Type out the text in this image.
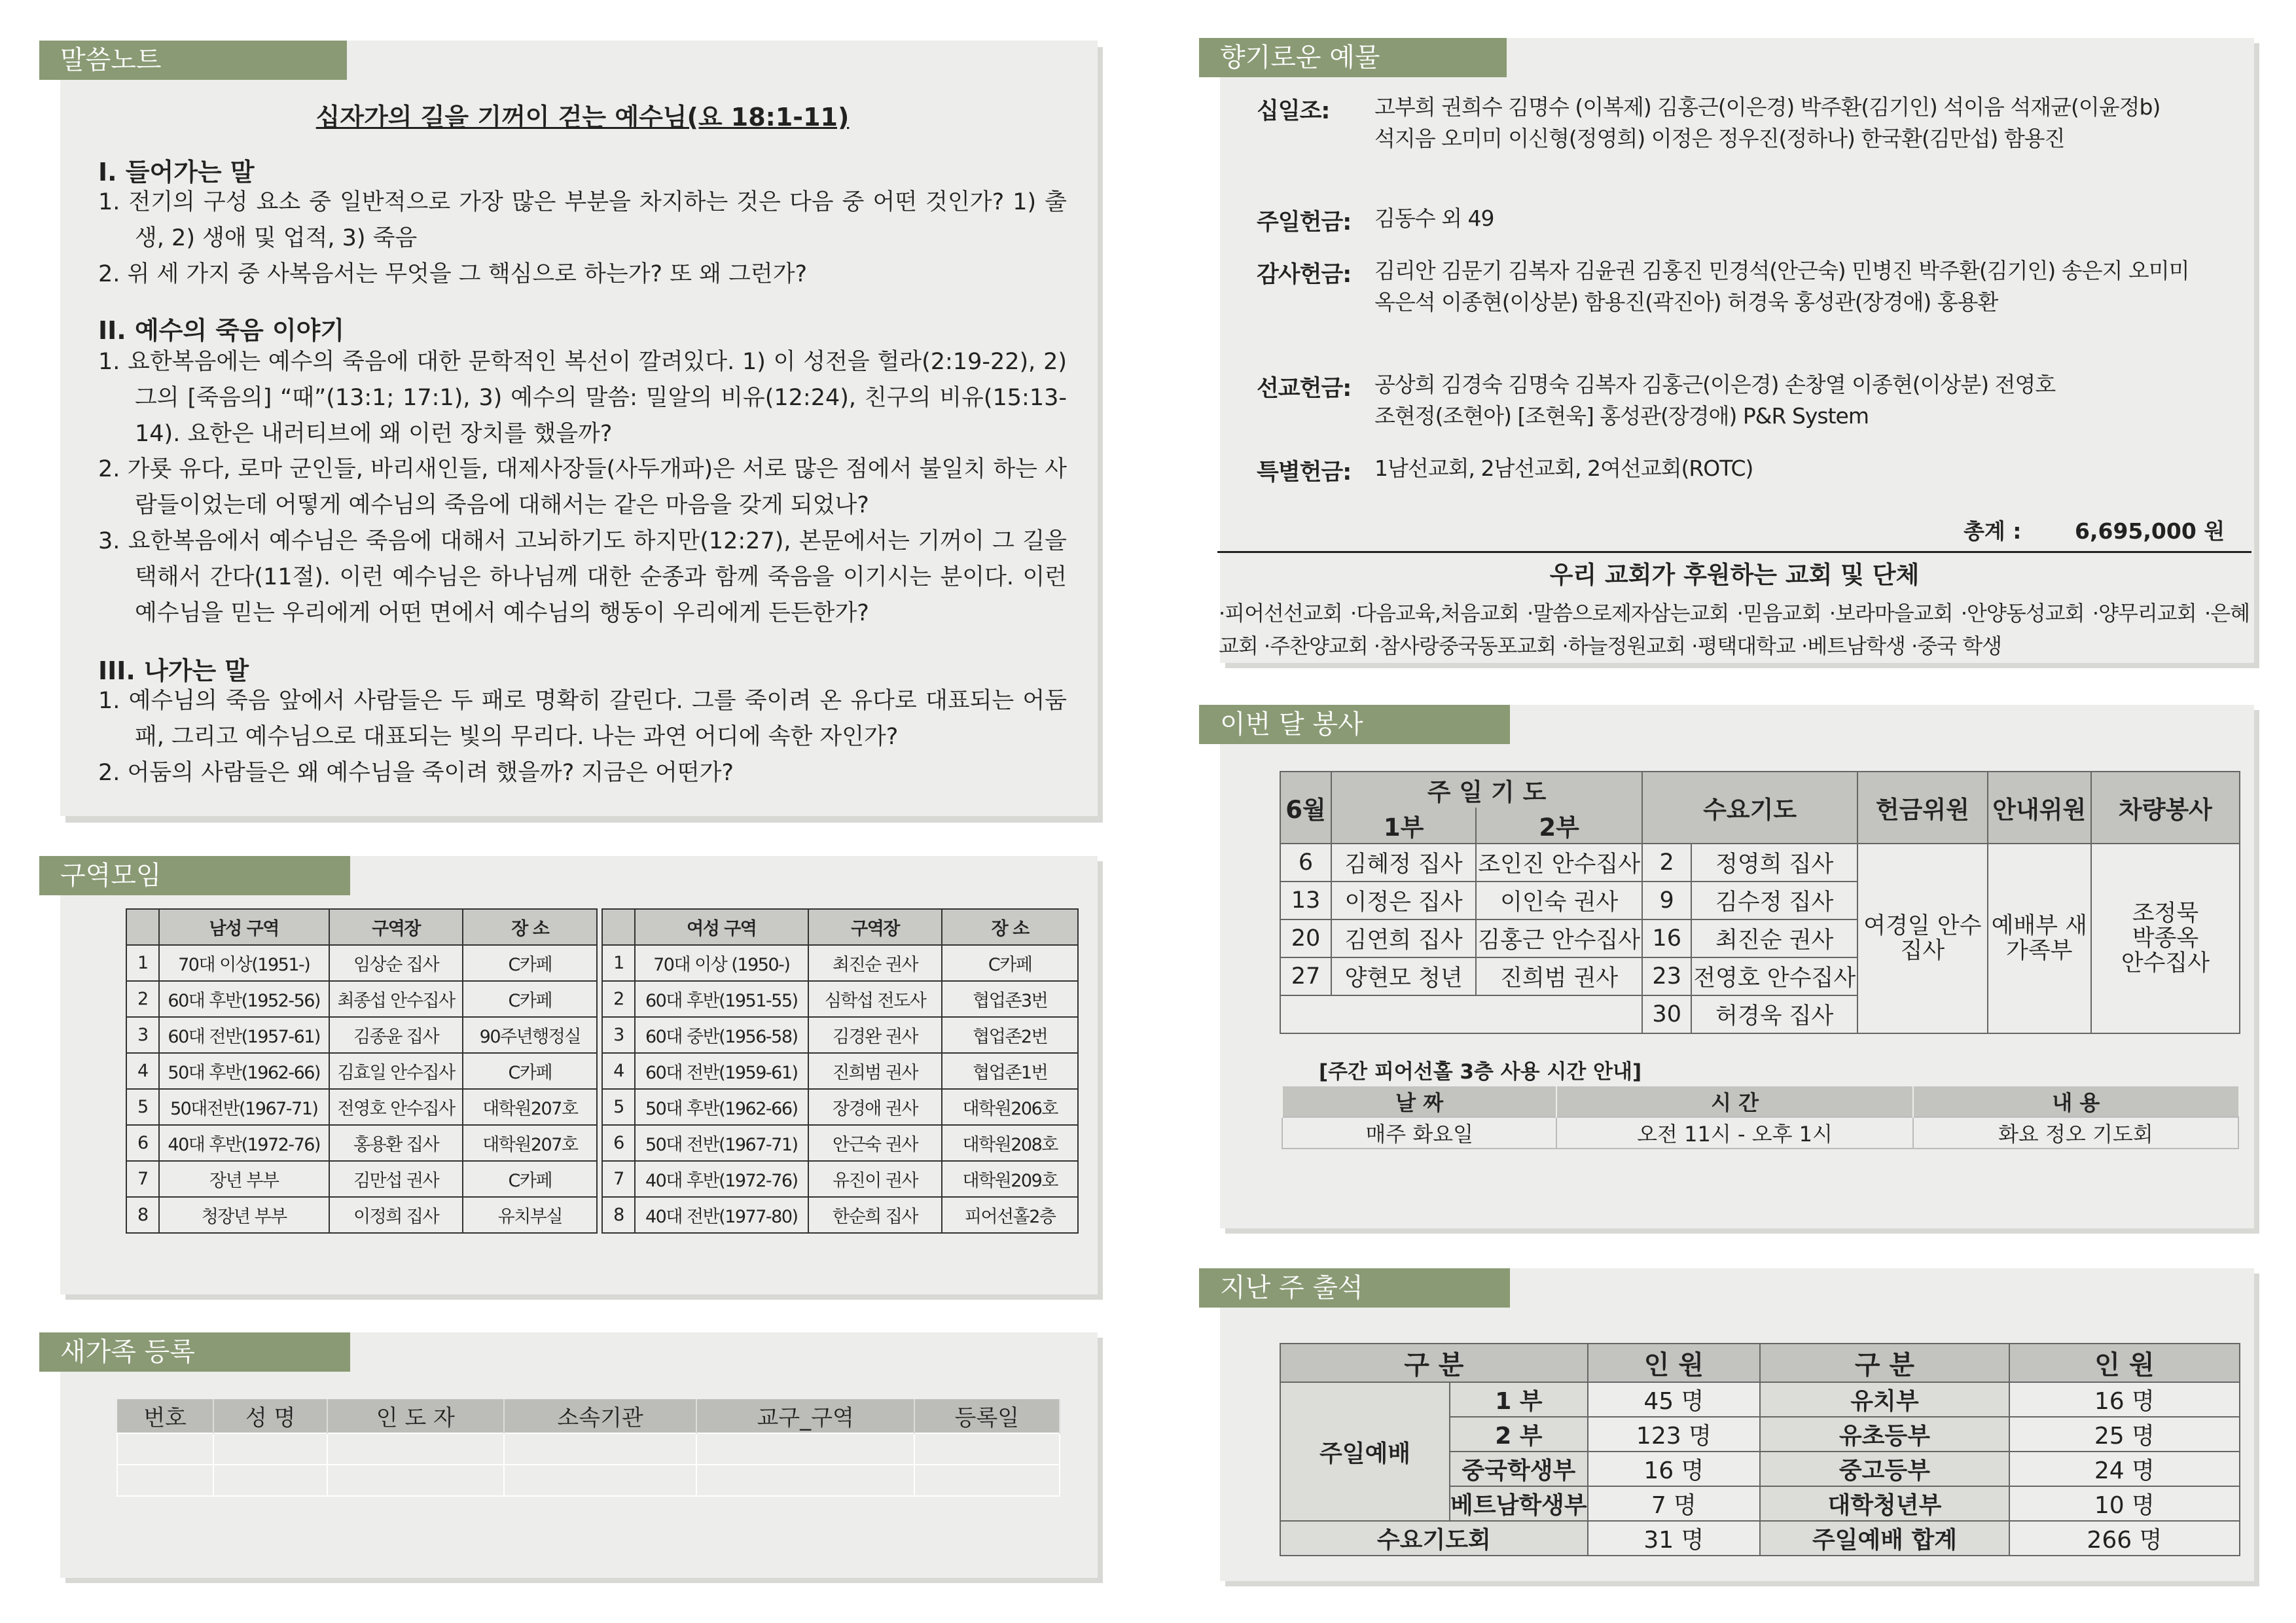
말씀노트
십자가의 길을 기꺼이 걷는 예수님(요 18:1-11)
I. 들어가는 말
1. 전기의 구성 요소 중 일반적으로 가장 많은 부분을 차지하는 것은 다음 중 어떤 것인가? 1) 출생, 2) 생애 및 업적, 3) 죽음
2. 위 세 가지 중 사복음서는 무엇을 그 핵심으로 하는가? 또 왜 그런가?
II. 예수의 죽음 이야기
1. 요한복음에는 예수의 죽음에 대한 문학적인 복선이 깔려있다. 1) 이 성전을 헐라(2:19-22), 2) 그의 [죽음의] “때”(13:1; 17:1), 3) 예수의 말씀: 밀알의 비유(12:24), 친구의 비유(15:13-14). 요한은 내러티브에 왜 이런 장치를 했을까?
2. 가룟 유다, 로마 군인들, 바리새인들, 대제사장들(사두개파)은 서로 많은 점에서 불일치 하는 사람들이었는데 어떻게 예수님의 죽음에 대해서는 같은 마음을 갖게 되었나?
3. 요한복음에서 예수님은 죽음에 대해서 고뇌하기도 하지만(12:27), 본문에서는 기꺼이 그 길을 택해서 간다(11절). 이런 예수님은 하나님께 대한 순종과 함께 죽음을 이기시는 분이다. 이런 예수님을 믿는 우리에게 어떤 면에서 예수님의 행동이 우리에게 든든한가?
III. 나가는 말
1. 예수님의 죽음 앞에서 사람들은 두 패로 명확히 갈린다. 그를 죽이려 온 유다로 대표되는 어둠 패, 그리고 예수님으로 대표되는 빛의 무리다. 나는 과연 어디에 속한 자인가?
2. 어둠의 사람들은 왜 예수님을 죽이려 했을까? 지금은 어떤가?
구역모임
	남성 구역	구역장	장 소			여성 구역	구역장	장 소
1	70대 이상(1951-)	임상순 집사	C카페		1	70대 이상 (1950-)	최진순 권사	C카페
2	60대 후반(1952-56)	최종섭 안수집사	C카페		2	60대 후반(1951-55)	심학섭 전도사	협업존3번
3	60대 전반(1957-61)	김종윤 집사	90주년행정실		3	60대 중반(1956-58)	김경완 권사	협업존2번
4	50대 후반(1962-66)	김효일 안수집사	C카페		4	60대 전반(1959-61)	진희범 권사	협업존1번
5	50대전반(1967-71)	전영호 안수집사	대학원207호		5	50대 후반(1962-66)	장경애 권사	대학원206호
6	40대 후반(1972-76)	홍용환 집사	대학원207호		6	50대 전반(1967-71)	안근숙 권사	대학원208호
7	장년 부부	김만섭 권사	C카페		7	40대 후반(1972-76)	유진이 권사	대학원209호
8	청장년 부부	이정희 집사	유치부실		8	40대 전반(1977-80)	한순희 집사	피어선홀2층
새가족 등록
번호	성 명	인 도 자	소속기관	교구_구역	등록일

향기로운 예물
십일조: 고부희 권희수 김명수 (이복제) 김홍근(이은경) 박주환(김기인) 석이음 석재균(이윤정b)
석지음 오미미 이신형(정영희) 이정은 정우진(정하나) 한국환(김만섭) 함용진
주일헌금: 김동수 외 49
감사헌금: 김리안 김문기 김복자 김윤권 김홍진 민경석(안근숙) 민병진 박주환(김기인) 송은지 오미미
옥은석 이종현(이상분) 함용진(곽진아) 허경욱 홍성관(장경애) 홍용환
선교헌금: 공상희 김경숙 김명숙 김복자 김홍근(이은경) 손창열 이종현(이상분) 전영호
조현정(조현아) [조현욱] 홍성관(장경애) P&R System
특별헌금: 1남선교회, 2남선교회, 2여선교회(ROTC)
총계 : 6,695,000 원
우리 교회가 후원하는 교회 및 단체
·피어선선교회 ·다음교육,처음교회 ·말씀으로제자삼는교회 ·믿음교회 ·보라마을교회 ·안양동성교회 ·양무리교회 ·은혜교회 ·주찬양교회 ·참사랑중국동포교회 ·하늘정원교회 ·평택대학교 ·베트남학생 ·중국 학생
이번 달 봉사
6월	주 일 기 도		수요기도		헌금위원	안내위원	차량봉사
	1부	2부					
6	김혜정 집사	조인진 안수집사	2	정영희 집사	여경일 안수집사	예배부 새가족부	조정묵 박종옥 안수집사
13	이정은 집사	이인숙 권사	9	김수정 집사			
20	김연희 집사	김홍근 안수집사	16	최진순 권사			
27	양현모 청년	진희범 권사	23	전영호 안수집사			
			30	허경욱 집사			
[주간 피어선홀 3층 사용 시간 안내]
날 짜	시 간	내 용
매주 화요일	오전 11시 - 오후 1시	화요 정오 기도회
지난 주 출석
구 분		인 원	구 분	인 원
주일예배	1 부	45 명	유치부	16 명
	2 부	123 명	유초등부	25 명
	중국학생부	16 명	중고등부	24 명
	베트남학생부	7 명	대학청년부	10 명
수요기도회		31 명	주일예배 합계	266 명
